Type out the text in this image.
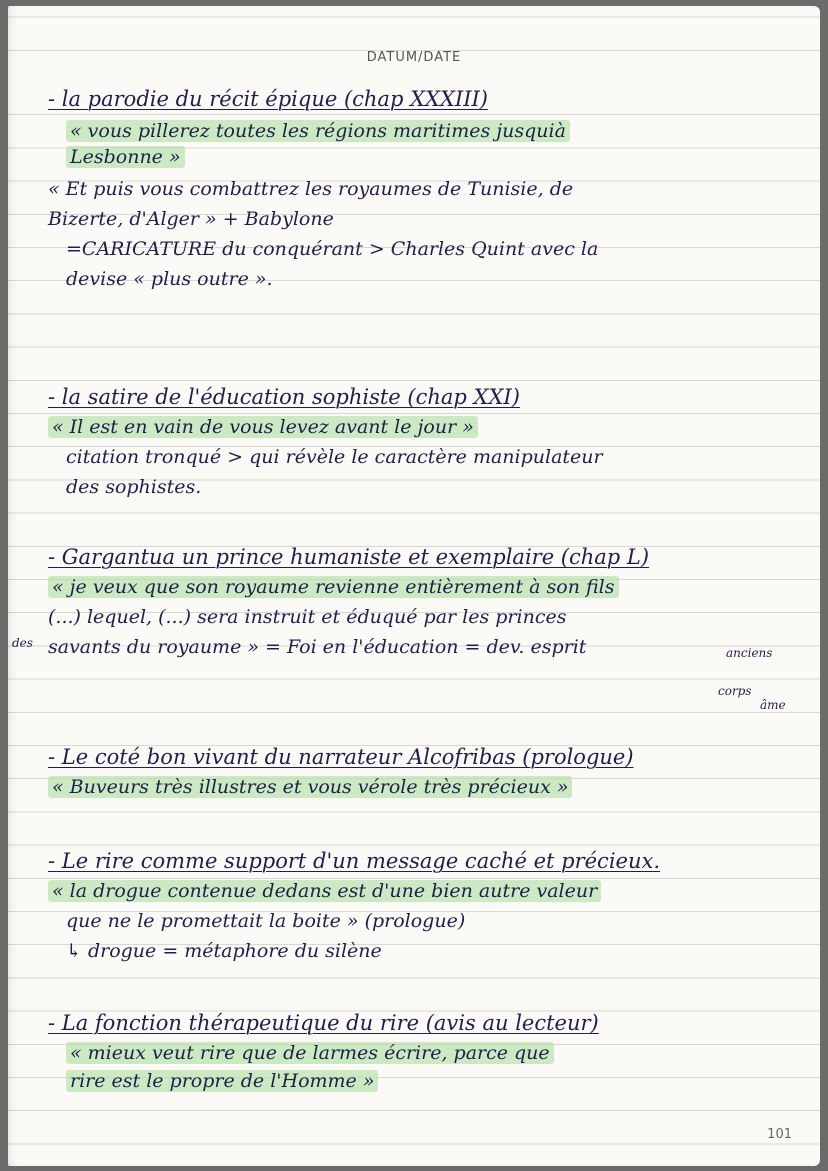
DATUM/DATE
- la parodie du récit épique (chap XXXIII)
« vous pillerez toutes les régions maritimes jusquià
Lesbonne »
« Et puis vous combattrez les royaumes de Tunisie, de
Bizerte, d'Alger » + Babylone
=CARICATURE du conquérant > Charles Quint avec la
devise « plus outre ».
- la satire de l'éducation sophiste (chap XXI)
« Il est en vain de vous levez avant le jour »
citation tronqué > qui révèle le caractère manipulateur
des sophistes.
- Gargantua un prince humaniste et exemplaire (chap L)
« je veux que son royaume revienne entièrement à son fils
(...) lequel, (...) sera instruit et éduqué par les princes
savants du royaume » = Foi en l'éducation = dev. esprit
des
anciens
corps
âme
- Le coté bon vivant du narrateur Alcofribas (prologue)
« Buveurs très illustres et vous vérole très précieux »
- Le rire comme support d'un message caché et précieux.
« la drogue contenue dedans est d'une bien autre valeur
que ne le promettait la boite » (prologue)
↳ drogue = métaphore du silène
- La fonction thérapeutique du rire (avis au lecteur)
« mieux veut rire que de larmes écrire, parce que
rire est le propre de l'Homme »
101
